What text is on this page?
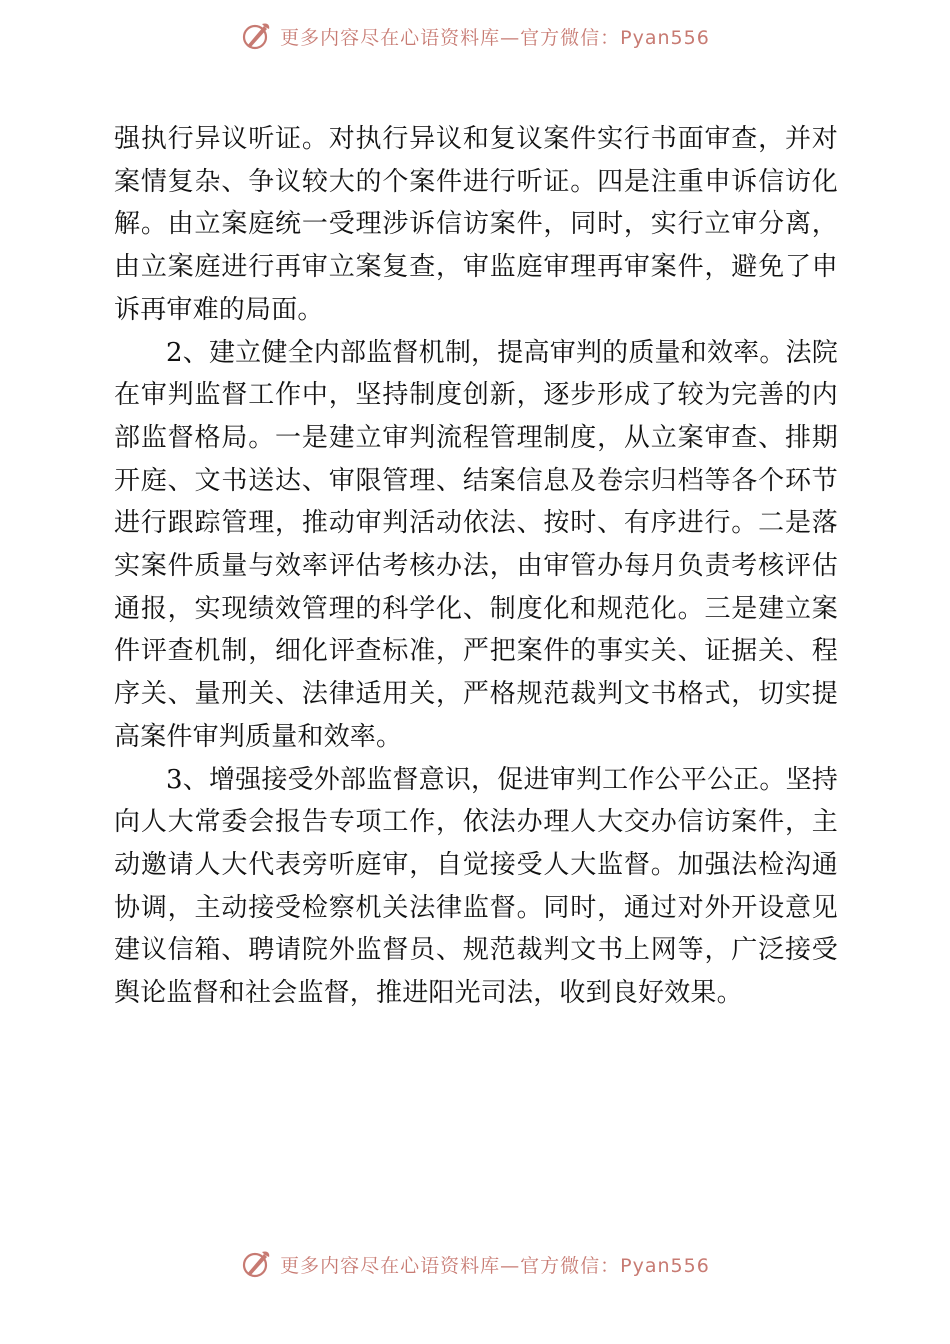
更多内容尽在心语资料库—官方微信：Pyan556

强执行异议听证。对执行异议和复议案件实行书面审查，并对案情复杂、争议较大的个案件进行听证。四是注重申诉信访化解。由立案庭统一受理涉诉信访案件，同时，实行立审分离，由立案庭进行再审立案复查，审监庭审理再审案件，避免了申诉再审难的局面。

2、建立健全内部监督机制，提高审判的质量和效率。法院在审判监督工作中，坚持制度创新，逐步形成了较为完善的内部监督格局。一是建立审判流程管理制度，从立案审查、排期开庭、文书送达、审限管理、结案信息及卷宗归档等各个环节进行跟踪管理，推动审判活动依法、按时、有序进行。二是落实案件质量与效率评估考核办法，由审管办每月负责考核评估通报，实现绩效管理的科学化、制度化和规范化。三是建立案件评查机制，细化评查标准，严把案件的事实关、证据关、程序关、量刑关、法律适用关，严格规范裁判文书格式，切实提高案件审判质量和效率。

3、增强接受外部监督意识，促进审判工作公平公正。坚持向人大常委会报告专项工作，依法办理人大交办信访案件，主动邀请人大代表旁听庭审，自觉接受人大监督。加强法检沟通协调，主动接受检察机关法律监督。同时，通过对外开设意见建议信箱、聘请院外监督员、规范裁判文书上网等，广泛接受舆论监督和社会监督，推进阳光司法，收到良好效果。

更多内容尽在心语资料库—官方微信：Pyan556
